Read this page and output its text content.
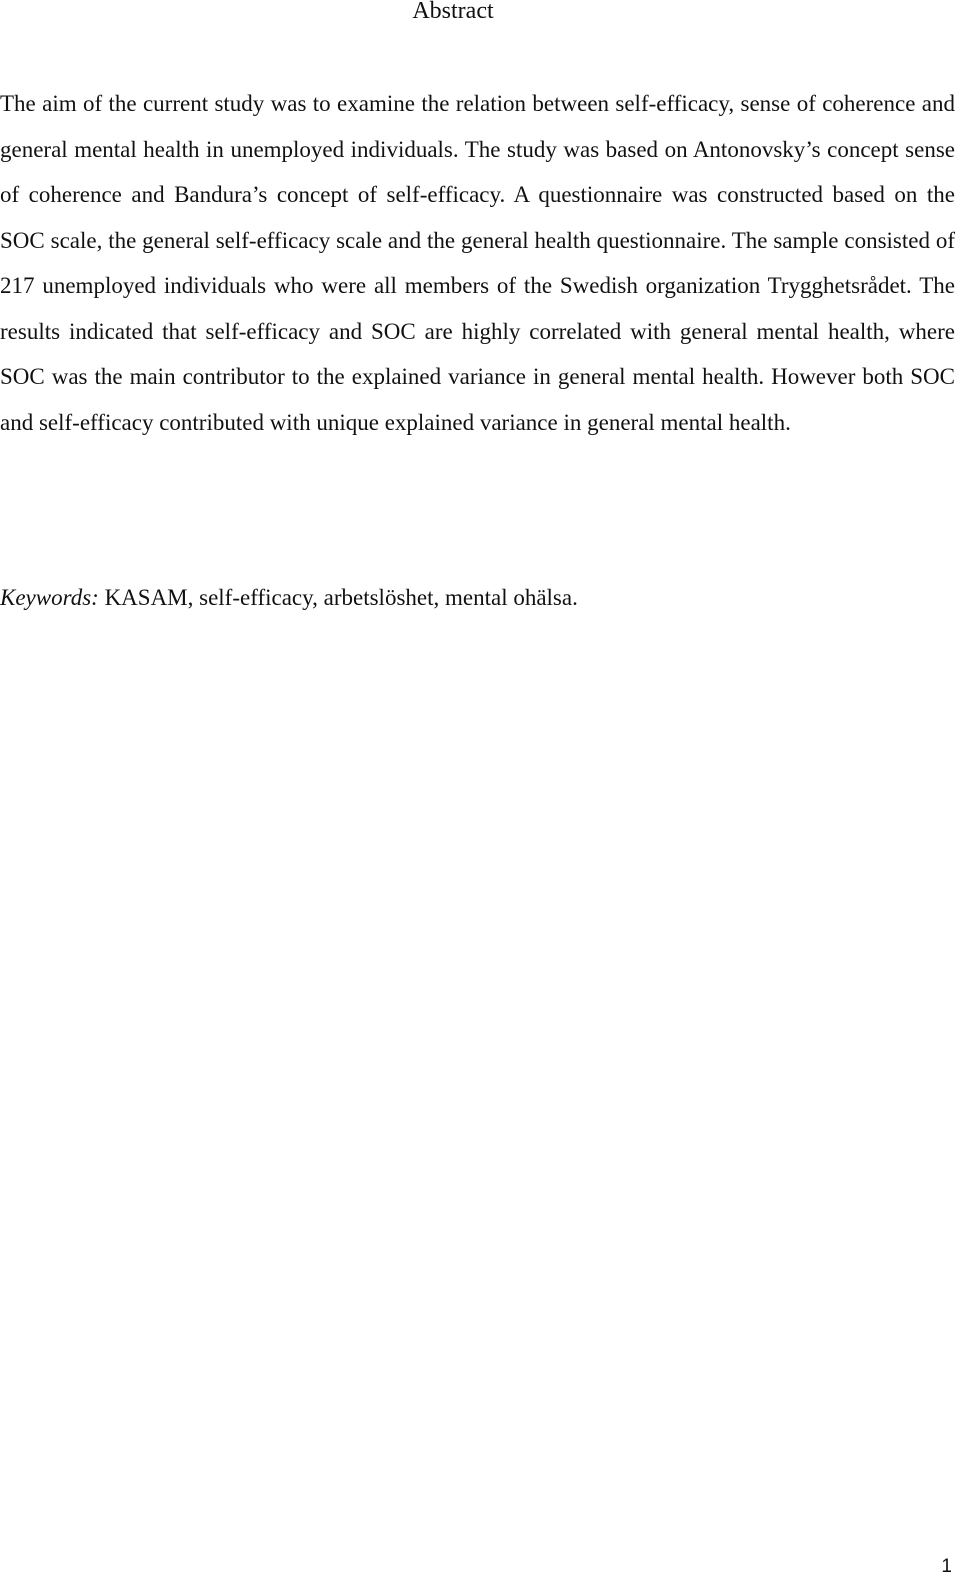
Abstract

The aim of the current study was to examine the relation between self-efficacy, sense of coherence and general mental health in unemployed individuals. The study was based on Antonovsky’s concept sense of coherence and Bandura’s concept of self-efficacy. A questionnaire was constructed based on the SOC scale, the general self-efficacy scale and the general health questionnaire. The sample consisted of 217 unemployed individuals who were all members of the Swedish organization Trygghetsrådet. The results indicated that self-efficacy and SOC are highly correlated with general mental health, where SOC was the main contributor to the explained variance in general mental health. However both SOC and self-efficacy contributed with unique explained variance in general mental health.

Keywords: KASAM, self-efficacy, arbetslöshet, mental ohälsa.

1
